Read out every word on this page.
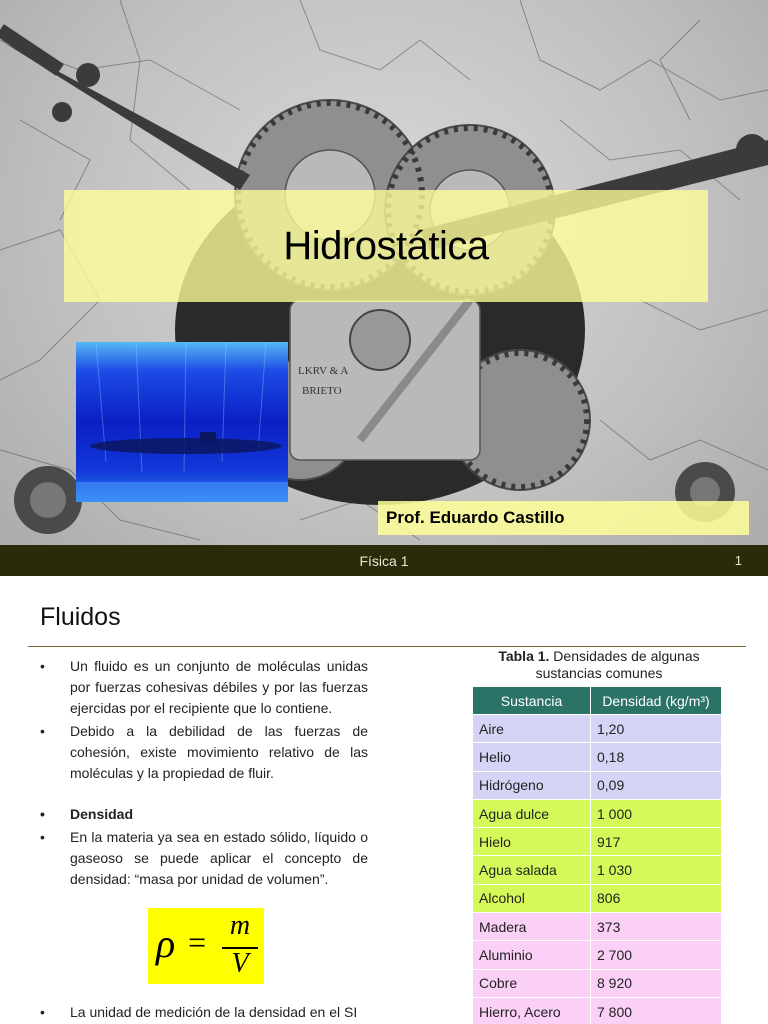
LKRV & A
BRIETO
Hidrostática
Prof. Eduardo Castillo
Física 1	1
Fluidos
• Un fluido es un conjunto de moléculas unidas por fuerzas cohesivas débiles y por las fuerzas ejercidas por el recipiente que lo contiene.
• Debido a la debilidad de las fuerzas de cohesión, existe movimiento relativo de las moléculas y la propiedad de fluir.
• Densidad
• En la materia ya sea en estado sólido, líquido o gaseoso se puede aplicar el concepto de densidad: “masa por unidad de volumen”.
ρ = m
V
• La unidad de medición de la densidad en el SI
Tabla 1. Densidades de algunas sustancias comunes
Sustancia	Densidad (kg/m³)
Aire	1,20
Helio	0,18
Hidrógeno	0,09
Agua dulce	1 000
Hielo	917
Agua salada	1 030
Alcohol	806
Madera	373
Aluminio	2 700
Cobre	8 920
Hierro, Acero	7 800
